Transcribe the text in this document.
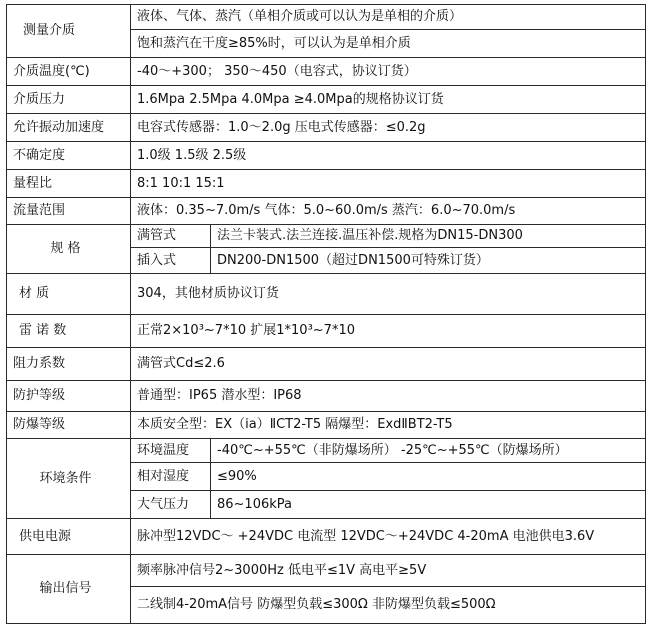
测量介质	液体、气体、蒸汽（单相介质或可以认为是单相的介质）	
	饱和蒸汽在干度≥85%时，可以认为是单相介质	
介质温度(℃)	-40～+300； 350～450（电容式，协议订货）	
介质压力	1.6Mpa 2.5Mpa 4.0Mpa ≥4.0Mpa的规格协议订货	
允许振动加速度	电容式传感器：1.0～2.0g 压电式传感器：≤0.2g	
不确定度	1.0级 1.5级 2.5级	
量程比	8:1 10:1 15:1	
流量范围	液体：0.35~7.0m/s 气体：5.0~60.0m/s 蒸汽：6.0~70.0m/s	
规 格	满管式	法兰卡装式.法兰连接.温压补偿.规格为DN15-DN300
	插入式	DN200-DN1500（超过DN1500可特殊订货）
材 质	304，其他材质协议订货	
雷 诺 数	正常2×10³~7*10 扩展1*10³~7*10	
阻力系数	满管式Cd≤2.6	
防护等级	普通型：IP65 潜水型：IP68	
防爆等级	本质安全型：EX（ia）ⅡCT2-T5 隔爆型：ExdⅡBT2-T5	
环境条件	环境温度	-40℃~+55℃（非防爆场所） -25℃~+55℃（防爆场所）
	相对湿度	≤90%
	大气压力	86~106kPa
供电电源	脉冲型12VDC～ +24VDC 电流型 12VDC～+24VDC 4-20mA 电池供电3.6V	
输出信号	频率脉冲信号2~3000Hz 低电平≤1V 高电平≥5V	
	二线制4-20mA信号 防爆型负载≤300Ω 非防爆型负载≤500Ω	
